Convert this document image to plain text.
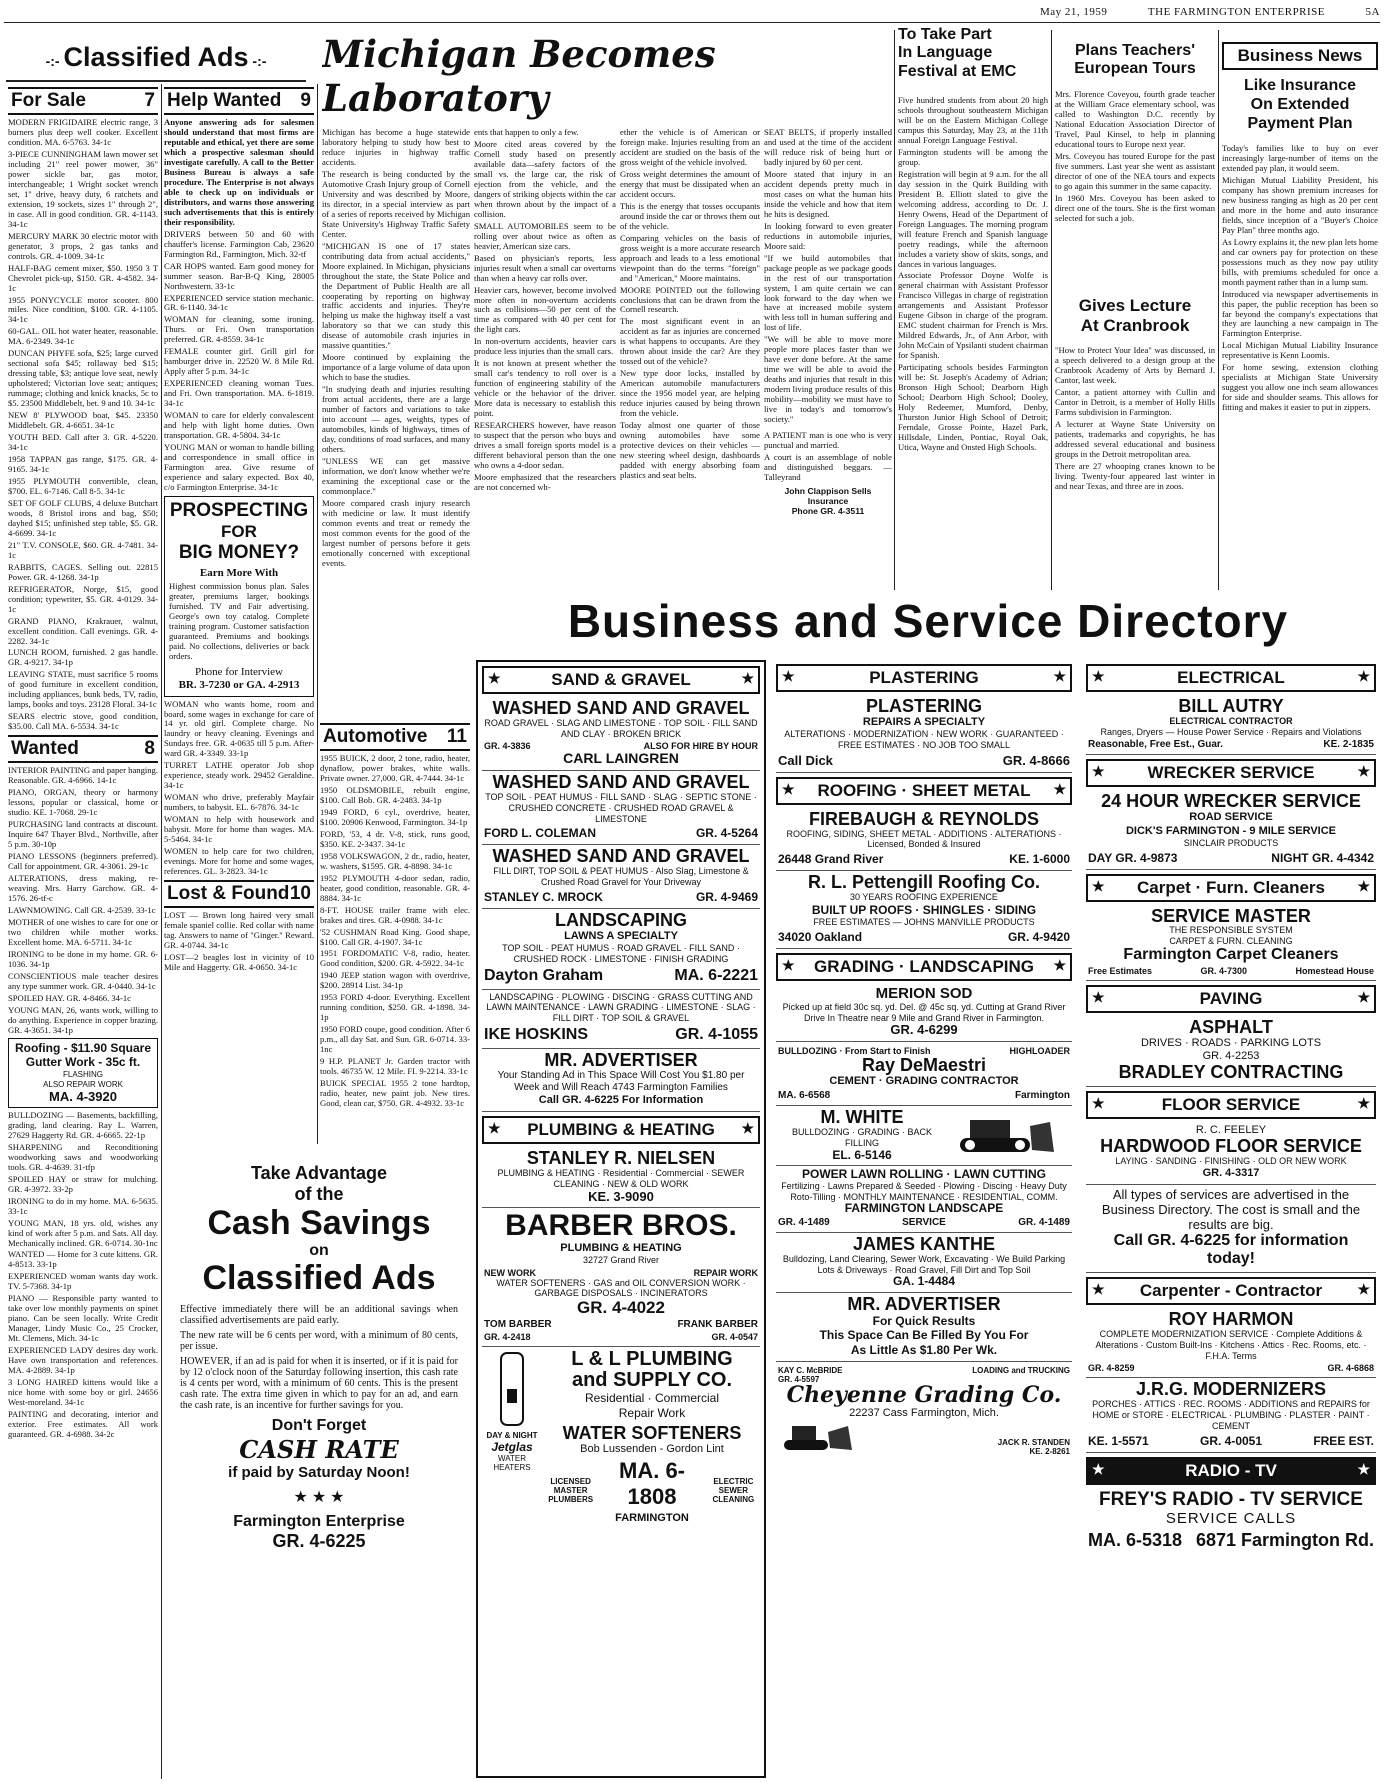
May 21, 1959	THE FARMINGTON ENTERPRISE	5A
-:- Classified Ads -:-
For Sale	7

MODERN FRIGIDAIRE electric range, 3 burners plus deep well cooker. Excellent condition. MA. 6-5763. 34-1c

3-PIECE CUNNINGHAM lawn mower set including 21" reel power mower, 36" power sickle bar, gas motor, interchangeable; 1 Wright socket wrench set, 1" drive, heavy duty, 6 ratchets and extension, 19 sockets, sizes 1" through 2", in case. All in good condition. GR. 4-1143. 34-1c

MERCURY MARK 30 electric motor with generator, 3 props, 2 gas tanks and controls. GR. 4-1009. 34-1c

HALF-BAG cement mixer, $50. 1950 3 T Chevrolet pick-up, $150. GR. 4-4582. 34-1c

1955 PONYCYCLE motor scooter. 800 miles. Nice condition, $100. GR. 4-1105. 34-1c

60-GAL. OIL hot water heater, reasonable. MA. 6-2349. 34-1c

DUNCAN PHYFE sofa, $25; large curved sectional sofa $45; rollaway bed $15; dressing table, $3; antique love seat, newly upholstered; Victorian love seat; antiques; rummage; clothing and knick knacks, 5c to $5. 23500 Middlebelt, bet. 9 and 10. 34-1c

NEW 8' PLYWOOD boat, $45. 23350 Middlebelt. GR. 4-6651. 34-1c

YOUTH BED. Call after 3. GR. 4-5220. 34-1c

1958 TAPPAN gas range, $175. GR. 4-9165. 34-1c

1955 PLYMOUTH convertible, clean, $700. EL. 6-7146. Call 8-5. 34-1c

SET OF GOLF CLUBS, 4 deluxe Butchart woods, 8 Bristol irons and bag, $50; dayhed $15; unfinished step table, $5. GR. 4-6699. 34-1c

21" T.V. CONSOLE, $60. GR. 4-7481. 34-1c

RABBITS, CAGES. Selling out. 22815 Power. GR. 4-1268. 34-1p

REFRIGERATOR, Norge, $15, good condition; typewriter, $5. GR. 4-0129. 34-1c

GRAND PIANO, Krakrauer, walnut, excellent condition. Call evenings. GR. 4-2282. 34-1c

LUNCH ROOM, furnished. 2 gas handle. GR. 4-9217. 34-1p

LEAVING STATE, must sacrifice 5 rooms of good furniture in excellent condition, including appliances, bunk beds, TV, radio, lamps, books and toys. 23128 Floral. 34-1c

SEARS electric stove, good condition, $35.00. Call MA. 6-5534. 34-1c

Wanted	8

INTERIOR PAINTING and paper hanging. Reasonable. GR. 4-6966. 14-1c

PIANO, ORGAN, theory or harmony lessons, popular or classical, home or studio. KE. 1-7068. 29-1c

PURCHASING land contracts at discount. Inquire 647 Thayer Blvd., Northville, after 5 p.m. 30-10p

PIANO LESSONS (beginners preferred). Call for appointment. GR. 4-3061. 29-1c

ALTERATIONS, dress making, re-weaving. Mrs. Harry Garchow. GR. 4-1576. 26-tf-c

LAWNMOWING. Call GR. 4-2539. 33-1c

MOTHER of one wishes to care for one or two children while mother works. Excellent home. MA. 6-5711. 34-1c

IRONING to be done in my home. GR. 6-1036. 34-1p

CONSCIENTIOUS male teacher desires any type summer work. GR. 4-0440. 34-1c

SPOILED HAY. GR. 4-8466. 34-1c

YOUNG MAN, 26, wants work, willing to do anything. Experience in copper brazing. GR. 4-3651. 34-1p

Roofing - $11.90 Square
Gutter Work - 35c ft.
FLASHING
ALSO REPAIR WORK
MA. 4-3920

BULLDOZING — Basements, backfilling, grading, land clearing. Ray L. Warren, 27629 Haggerty Rd. GR. 4-6665. 22-1p

SHARPENING and Reconditioning woodworking saws and woodworking tools. GR. 4-4639. 31-tfp

SPOILED HAY or straw for mulching. GR. 4-3972. 33-2p

IRONING to do in my home. MA. 6-5635. 33-1c

YOUNG MAN, 18 yrs. old, wishes any kind of work after 5 p.m. and Sats. All day. Mechanically inclined. GR. 6-0714. 30-1nc

WANTED — Home for 3 cute kittens. GR. 4-8513. 33-1p

EXPERIENCED woman wants day work. TV. 5-7368. 34-1p

PIANO — Responsible party wanted to take over low monthly payments on spinet piano. Can be seen locally. Write Credit Manager, Lindy Music Co., 25 Crocker, Mt. Clemens, Mich. 34-1c

EXPERIENCED LADY desires day work. Have own transportation and references. MA. 4-2889. 34-1p

3 LONG HAIRED kittens would like a nice home with some boy or girl. 24656 West-moreland. 34-1c

PAINTING and decorating, interior and exterior. Free estimates. All work guaranteed. GR. 4-6988. 34-2c

Help Wanted 9

Anyone answering ads for salesmen should understand that most firms are reputable and ethical, yet there are some which a prospective salesman should investigate carefully. A call to the Better Business Bureau is always a safe procedure. The Enterprise is not always able to check up on individuals or distributors, and warns those answering such advertisements that this is entirely their responsibility.

DRIVERS between 50 and 60 with chauffer's license. Farmington Cab, 23620 Farmington Rd., Farmington, Mich. 32-tf

CAR HOPS wanted. Earn good money for summer season. Bar-B-Q King, 28005 Northwestern. 33-1c

EXPERIENCED service station mechanic. GR. 6-1140. 34-1c

WOMAN for cleaning, some ironing. Thurs. or Fri. Own transportation preferred. GR. 4-8559. 34-1c

FEMALE counter girl. Grill girl for hamburger drive in. 22520 W. 8 Mile Rd. Apply after 5 p.m. 34-1c

EXPERIENCED cleaning woman Tues. and Fri. Own transportation. MA. 6-1819. 34-1c

WOMAN to care for elderly convalescent and help with light home duties. Own transportation. GR. 4-5804. 34-1c

YOUNG MAN or woman to handle billing and correspondence in small office in Farmington area. Give resume of experience and salary expected. Box 40, c/o Farmington Enterprise. 34-1c

PROSPECTING
FOR
BIG MONEY?
Earn More With

Highest commission bonus plan. Sales greater, premiums larger, bookings furnished. TV and Fair advertising. George's own toy catalog. Complete training program. Customer satisfaction guaranteed. Premiums and bookings paid. No collections, deliveries or back orders.

Phone for Interview
BR. 3-7230 or GA. 4-2913

WOMAN who wants home, room and board, some wages in exchange for care of 14 yr. old girl. Complete charge. No laundry or heavy cleaning. Evenings and Sundays free. GR. 4-0635 till 5 p.m. After-ward GR. 4-3349. 33-1p

TURRET LATHE operator Job shop experience, steady work. 29452 Geraldine. 34-1c

WOMAN who drive, preferably Mayfair numbers, to babysit. EL. 6-7876. 34-1c

WOMAN to help with housework and babysit. More for home than wages. MA. 5-5464. 34-1c

WOMEN to help care for two children, evenings. More for home and some wages, references. GL. 3-2823. 34-1c

Lost & Found 10

LOST — Brown long haired very small female spaniel collie. Red collar with name tag. Answers to name of "Ginger." Reward. GR. 4-0744. 34-1c

LOST—2 beagles lost in vicinity of 10 Mile and Haggerty. GR. 4-0650. 34-1c

Automotive 11

1955 BUICK, 2 door, 2 tone, radio, heater, dynaflow, power brakes, white walls. Private owner. 27,000. GR. 4-7444. 34-1c

1950 OLDSMOBILE, rebuilt engine, $100. Call Bob. GR. 4-2483. 34-1p

1949 FORD, 6 cyl., overdrive, heater, $100. 20906 Kenwood, Farmington. 34-1p

FORD, '53, 4 dr. V-8, stick, runs good, $350. KE. 2-3437. 34-1c

1958 VOLKSWAGON, 2 dr., radio, heater, w. washers, $1595. GR. 4-8898. 34-1c

1952 PLYMOUTH 4-door sedan, radio, heater, good condition, reasonable. GR. 4-8884. 34-1c

8-FT. HOUSE trailer frame with elec. brakes and tires. GR. 4-0988. 34-1c

'52 CUSHMAN Road King. Good shape, $100. Call GR. 4-1907. 34-1c

1951 FORDOMATIC V-8, radio, heater. Good condition, $200. GR. 4-5922. 34-1c

1940 JEEP station wagon with overdrive, $200. 28914 List. 34-1p

1953 FORD 4-door. Everything. Excellent running condition, $250. GR. 4-1898. 34-1p

1950 FORD coupe, good condition. After 6 p.m., all day Sat. and Sun. GR. 6-0714. 33-1nc

9 H.P. PLANET Jr. Garden tractor with tools. 46735 W. 12 Mile. FI. 9-2214. 33-1c

BUICK SPECIAL 1955 2 tone hardtop, radio, heater, new paint job. New tires. Good, clean car, $750. GR. 4-4932. 33-1c

Take Advantage
of the
Cash Savings
on
Classified Ads

Effective immediately there will be an additional savings when classified advertisements are paid early.

The new rate will be 6 cents per word, with a minimum of 80 cents, per issue.

HOWEVER, if an ad is paid for when it is inserted, or if it is paid for by 12 o'clock noon of the Saturday following insertion, this cash rate is 4 cents per word, with a minimum of 60 cents. This is the present cash rate. The extra time given in which to pay for an ad, and earn the cash rate, is an incentive for further savings for you.

Don't Forget
CASH RATE
if paid by Saturday Noon!
★ ★ ★
Farmington Enterprise
GR. 4-6225
Michigan Becomes Laboratory

Michigan has become a huge statewide laboratory helping to study how best to reduce injuries in highway traffic accidents.

The research is being conducted by the Automotive Crash Injury group of Cornell University and was described by Moore, its director, in a special interview as part of a series of reports received by Michigan State University's Highway Traffic Safety Center.

"MICHIGAN IS one of 17 states contributing data from actual accidents," Moore explained. In Michigan, physicians throughout the state, the State Police and the Department of Public Health are all cooperating by reporting on highway traffic accidents and injuries. They're helping us make the highway itself a vast laboratory so that we can study this disease of automobile crash injuries in massive quantities."

Moore continued by explaining the importance of a large volume of data upon which to base the studies.

"In studying death and injuries resulting from actual accidents, there are a large number of factors and variations to take into account — ages, weights, types of automobiles, kinds of highways, times of day, conditions of road surfaces, and many others.

"UNLESS WE can get massive information, we don't know whether we're examining the exceptional case or the commonplace."

Moore compared crash injury research with medicine or law. It must identify common events and treat or remedy the most common events for the good of the largest number of persons before it gets emotionally concerned with exceptional events.

ents that happen to only a few.

Moore cited areas covered by the Cornell study based on presently available data—safety factors of the small vs. the large car, the risk of ejection from the vehicle, and the dangers of striking objects within the car when thrown about by the impact of a collision.

SMALL AUTOMOBILES seem to be rolling over about twice as often as heavier, American size cars.

Based on physician's reports, less injuries result when a small car overturns than when a heavy car rolls over.

Heavier cars, however, become involved more often in non-overturn accidents such as collisions—50 per cent of the time as compared with 40 per cent for the light cars.

In non-overturn accidents, heavier cars produce less injuries than the small cars.

It is not known at present whether the small car's tendency to roll over is a function of engineering stability of the vehicle or the behavior of the driver. More data is necessary to establish this point.

RESEARCHERS however, have reason to suspect that the person who buys and drives a small foreign sports model is a different behavioral person than the one who owns a 4-door sedan.

Moore emphasized that the researchers are not concerned wh-

ether the vehicle is of American or foreign make. Injuries resulting from an accident are studied on the basis of the gross weight of the vehicle involved.

Gross weight determines the amount of energy that must be dissipated when an accident occurs.

This is the energy that tosses occupants around inside the car or throws them out of the vehicle.

Comparing vehicles on the basis of gross weight is a more accurate research approach and leads to a less emotional viewpoint than do the terms "foreign" and "American," Moore maintains.

MOORE POINTED out the following conclusions that can be drawn from the Cornell research.

The most significant event in an accident as far as injuries are concerned is what happens to occupants. Are they thrown about inside the car? Are they tossed out of the vehicle?

New type door locks, installed by American automobile manufacturers since the 1956 model year, are helping reduce injuries caused by being thrown from the vehicle.

Today almost one quarter of those owning automobiles have some protective devices on their vehicles — new steering wheel design, dashboards padded with energy absorbing foam plastics and seat belts.

SEAT BELTS, if properly installed and used at the time of the accident will reduce risk of being hurt or badly injured by 60 per cent.

Moore stated that injury in an accident depends pretty much in most cases on what the human hits inside the vehicle and how that item he hits is designed.

In looking forward to even greater reductions in automobile injuries, Moore said:

"If we build automobiles that package people as we package goods in the rest of our transportation system, I am quite certain we can look forward to the day when we have at increased mobile system with less toll in human suffering and lost of life.

"We will be able to move more people more places faster than we have ever done before. At the same time we will be able to avoid the deaths and injuries that result in this modern living produce results of this mobility—mobility we must have to live in today's and tomorrow's society."

A PATIENT man is one who is very punctual and married.

A court is an assemblage of noble and distinguished beggars. —Talleyrand

John Clappison Sells Insurance
Phone GR. 4-3511
To Take Part
In Language
Festival at EMC

Five hundred students from about 20 high schools throughout southeastern Michigan will be on the Eastern Michigan College campus this Saturday, May 23, at the 11th annual Foreign Language Festival.

Farmington students will be among the group.

Registration will begin at 9 a.m. for the all day session in the Quirk Building with President B. Elliott slated to give the welcoming address, according to Dr. J. Henry Owens, Head of the Department of Foreign Languages. The morning program will feature French and Spanish language poetry readings, while the afternoon includes a variety show of skits, songs, and dances in various languages.

Associate Professor Doyne Wolfe is general chairman with Assistant Professor Francisco Villegas in charge of registration arrangements and Assistant Professor Eugene Gibson in charge of the program. EMC student chairman for French is Mrs. Mildred Edwards, Jr., of Ann Arbor, with John McCain of Ypsilanti student chairman for Spanish.

Participating schools besides Farmington will be: St. Joseph's Academy of Adrian; Bronson High School; Dearborn High School; Dearborn High School; Dooley, Holy Redeemer, Mumford, Denby, Thurston Junior High School of Detroit; Ferndale, Grosse Pointe, Hazel Park, Hillsdale, Linden, Pontiac, Royal Oak, Utica, Wayne and Onsted High Schools.

Plans Teachers'
European Tours

Mrs. Florence Coveyou, fourth grade teacher at the William Grace elementary school, was called to Washington D.C. recently by National Education Association Director of Travel, Paul Kinsel, to help in planning educational tours to Europe next year.

Mrs. Coveyou has toured Europe for the past five summers. Last year she went as assistant director of one of the NEA tours and expects to go again this summer in the same capacity.

In 1960 Mrs. Coveyou has been asked to direct one of the tours. She is the first woman selected for such a job.

Gives Lecture
At Cranbrook

"How to Protect Your Idea" was discussed, in a speech delivered to a design group at the Cranbrook Academy of Arts by Bernard J. Cantor, last week.

Cantor, a patient attorney with Cullin and Cantor in Detroit, is a member of Holly Hills Farms subdivision in Farmington.

A lecturer at Wayne State University on patients, trademarks and copyrights, he has addressed several educational and business groups in the Detroit metropolitan area.

There are 27 whooping cranes known to be living. Twenty-four appeared last winter in and near Texas, and three are in zoos.

Business News
Like Insurance
On Extended
Payment Plan

Today's families like to buy on ever increasingly large-number of items on the extended pay plan, it would seem.

Michigan Mutual Liability President, his company has shown premium increases for new business ranging as high as 20 per cent and more in the home and auto insurance fields, since inception of a "Buyer's Choice Pay Plan" three months ago.

As Lowry explains it, the new plan lets home and car owners pay for protection on these possessions much as they now pay utility bills, with premiums scheduled for once a month payment rather than in a lump sum.

Introduced via newspaper advertisements in this paper, the public reception has been so far beyond the company's expectations that they are launching a new campaign in The Farmington Enterprise.

Local Michigan Mutual Liability Insurance representative is Kenn Loomis.

For home sewing, extension clothing specialists at Michigan State University suggest you allow one inch seam allowances for side and shoulder seams. This allows for fitting and makes it easier to put in zippers.

Business and Service Directory
★	SAND & GRAVEL	★
WASHED SAND AND GRAVEL
ROAD GRAVEL · SLAG AND LIMESTONE · TOP SOIL · FILL SAND AND CLAY · BROKEN BRICK
GR. 4-3836	ALSO FOR HIRE BY HOUR
CARL LAINGREN
WASHED SAND AND GRAVEL
TOP SOIL · PEAT HUMUS · FILL SAND · SLAG · SEPTIC STONE · CRUSHED CONCRETE · CRUSHED ROAD GRAVEL & LIMESTONE
FORD L. COLEMAN	GR. 4-5264
WASHED SAND AND GRAVEL
FILL DIRT, TOP SOIL & PEAT HUMUS · Also Slag, Limestone & Crushed Road Gravel for Your Driveway
STANLEY C. MROCK	GR. 4-9469
LANDSCAPING
LAWNS A SPECIALTY
TOP SOIL · PEAT HUMUS · ROAD GRAVEL · FILL SAND · CRUSHED ROCK · LIMESTONE · FINISH GRADING
Dayton Graham	MA. 6-2221
LANDSCAPING · PLOWING · DISCING · GRASS CUTTING AND LAWN MAINTENANCE · LAWN GRADING · LIMESTONE · SLAG · FILL DIRT · TOP SOIL & GRAVEL
IKE HOSKINS	GR. 4-1055
MR. ADVERTISER
Your Standing Ad in This Space Will Cost You $1.80 per Week and Will Reach 4743 Farmington Families
Call GR. 4-6225 For Information
★ PLUMBING & HEATING ★
STANLEY R. NIELSEN
PLUMBING & HEATING · Residential · Commercial · SEWER CLEANING · NEW & OLD WORK
KE. 3-9090
BARBER BROS.
PLUMBING & HEATING
32727 Grand River
NEW WORK	REPAIR WORK
WATER SOFTENERS · GAS and OIL CONVERSION WORK · GARBAGE DISPOSALS · INCINERATORS
GR. 4-4022
TOM BARBER	FRANK BARBER
GR. 4-2418	GR. 4-0547
DAY & NIGHT
Jetglas
WATER HEATERS
L & L PLUMBING
and SUPPLY CO.
Residential · Commercial
Repair Work
WATER SOFTENERS
Bob Lussenden - Gordon Lint
LICENSED MASTER PLUMBERS
MA. 6-1808
FARMINGTON
ELECTRIC SEWER CLEANING
★	PLASTERING	★
PLASTERING
REPAIRS A SPECIALTY
ALTERATIONS · MODERNIZATION · NEW WORK · GUARANTEED · FREE ESTIMATES · NO JOB TOO SMALL
Call Dick	GR. 4-8666
★ ROOFING · SHEET METAL ★
FIREBAUGH & REYNOLDS
ROOFING, SIDING, SHEET METAL · ADDITIONS · ALTERATIONS · Licensed, Bonded & Insured
26448 Grand River	KE. 1-6000
R. L. Pettengill Roofing Co.
30 YEARS ROOFING EXPERIENCE
BUILT UP ROOFS · SHINGLES · SIDING
FREE ESTIMATES — JOHNS MANVILLE PRODUCTS
34020 Oakland	GR. 4-9420
★ GRADING · LANDSCAPING ★
MERION SOD
Picked up at field 30c sq. yd. Del. @ 45c sq. yd. Cutting at Grand River Drive In Theatre near 9 Mile and Grand River in Farmington.
GR. 4-6299
BULLDOZING · From Start to Finish	HIGHLOADER
Ray DeMaestri
CEMENT · GRADING CONTRACTOR
MA. 6-6568	Farmington
M. WHITE
BULLDOZING · GRADING · BACK FILLING
EL. 6-5146
POWER LAWN ROLLING · LAWN CUTTING
Fertilizing · Lawns Prepared & Seeded · Plowing · Discing · Heavy Duty Roto-Tilling · MONTHLY MAINTENANCE · RESIDENTIAL, COMM.
FARMINGTON LANDSCAPE
GR. 4-1489	SERVICE	GR. 4-1489
JAMES KANTHE
Bulldozing, Land Clearing, Sewer Work, Excavating · We Build Parking Lots & Driveways · Road Gravel, Fill Dirt and Top Soil
GA. 1-4484
MR. ADVERTISER
For Quick Results
This Space Can Be Filled By You For
As Little As $1.80 Per Wk.
KAY C. McBRIDE	LOADING and TRUCKING
GR. 4-5597
Cheyenne Grading Co.
22237 Cass Farmington, Mich.
JACK R. STANDEN
KE. 2-8261
★	ELECTRICAL	★
BILL AUTRY
ELECTRICAL CONTRACTOR
Ranges, Dryers — House Power Service · Repairs and Violations
Reasonable, Free Est., Guar.	KE. 2-1835
★	WRECKER SERVICE	★
24 HOUR WRECKER SERVICE
ROAD SERVICE
DICK'S FARMINGTON - 9 MILE SERVICE
SINCLAIR PRODUCTS
DAY GR. 4-9873	NIGHT GR. 4-4342
★ Carpet · Furn. Cleaners ★
SERVICE MASTER
THE RESPONSIBLE SYSTEM
CARPET & FURN. CLEANING
Farmington Carpet Cleaners
Free Estimates	GR. 4-7300	Homestead House
★	PAVING	★
ASPHALT
DRIVES · ROADS · PARKING LOTS
GR. 4-2253
BRADLEY CONTRACTING
★	FLOOR SERVICE	★
R. C. FEELEY
HARDWOOD FLOOR SERVICE
LAYING · SANDING · FINISHING · OLD OR NEW WORK
GR. 4-3317
All types of services are advertised in the Business Directory. The cost is small and the results are big.
Call GR. 4-6225 for information today!
★ Carpenter - Contractor	★
ROY HARMON
COMPLETE MODERNIZATION SERVICE · Complete Additions & Alterations · Custom Built-Ins · Kitchens · Attics · Rec. Rooms, etc. · F.H.A. Terms
GR. 4-8259	GR. 4-6868
J.R.G. MODERNIZERS
PORCHES · ATTICS · REC. ROOMS · ADDITIONS and REPAIRS for HOME or STORE · ELECTRICAL · PLUMBING · PLASTER · PAINT · CEMENT
KE. 1-5571	GR. 4-0051	FREE EST.
★	RADIO - TV	★
FREY'S RADIO - TV SERVICE
SERVICE CALLS
MA. 6-5318 6871 Farmington Rd.
